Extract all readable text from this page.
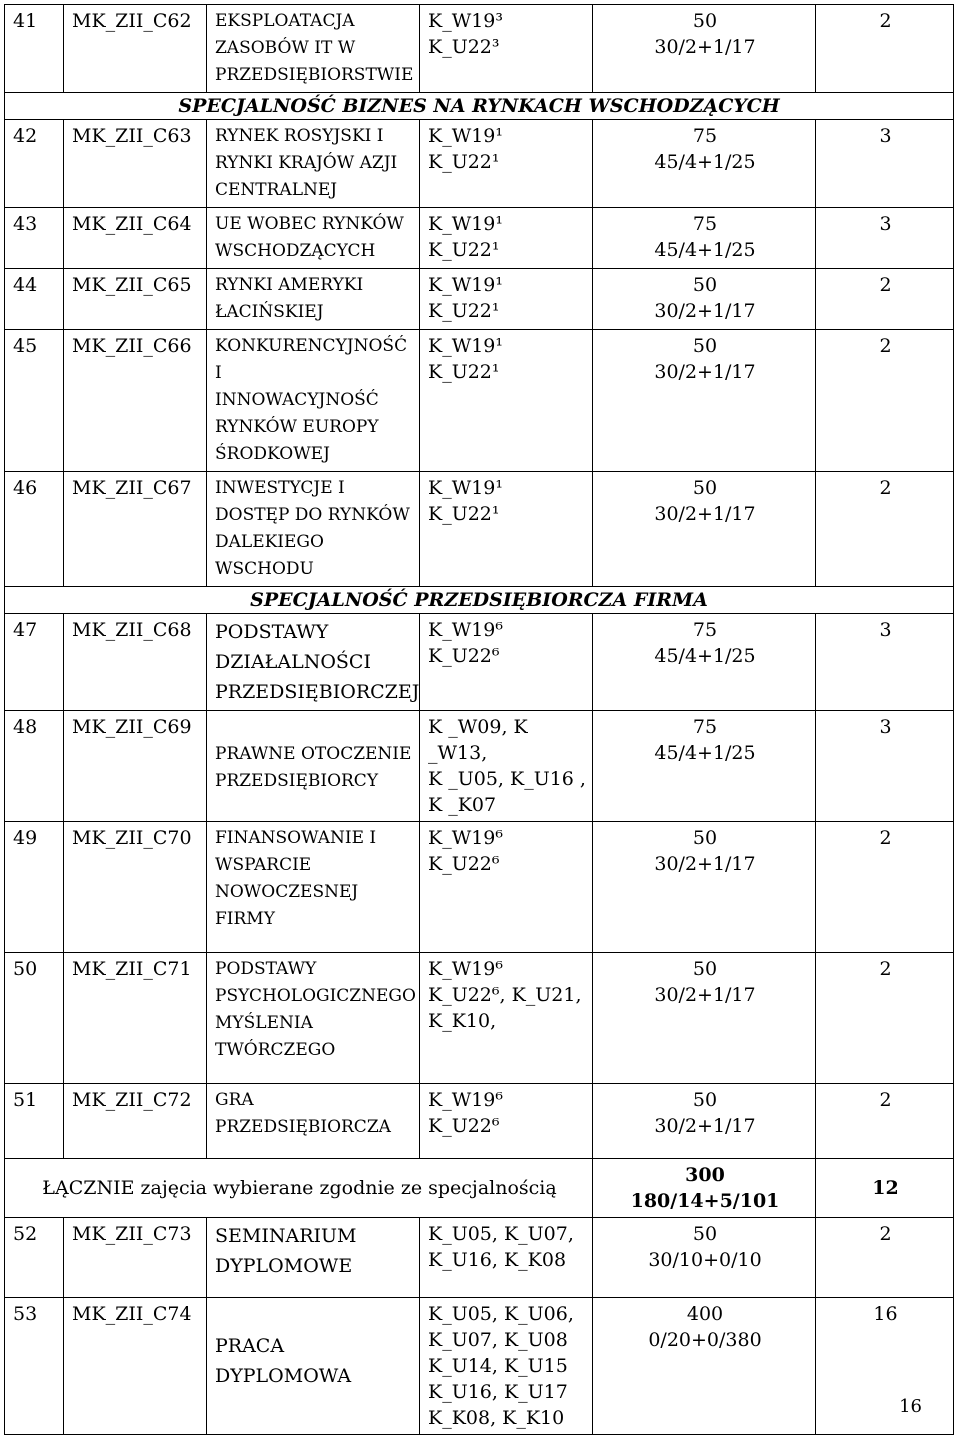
41	MK_ZII_C62	EKSPLOATACJA
ZASOBÓW IT W
PRZEDSIĘBIORSTWIE	K_W19³
K_U22³	50
30/2+1/17	2
SPECJALNOŚĆ BIZNES NA RYNKACH WSCHODZĄCYCH					
42	MK_ZII_C63	RYNEK ROSYJSKI I
RYNKI KRAJÓW AZJI
CENTRALNEJ	K_W19¹
K_U22¹	75
45/4+1/25	3
43	MK_ZII_C64	UE WOBEC RYNKÓW
WSCHODZĄCYCH	K_W19¹
K_U22¹	75
45/4+1/25	3
44	MK_ZII_C65	RYNKI AMERYKI
ŁACIŃSKIEJ	K_W19¹
K_U22¹	50
30/2+1/17	2
45	MK_ZII_C66	KONKURENCYJNOŚĆ I
INNOWACYJNOŚĆ
RYNKÓW EUROPY
ŚRODKOWEJ	K_W19¹
K_U22¹	50
30/2+1/17	2
46	MK_ZII_C67	INWESTYCJE I
DOSTĘP DO RYNKÓW
DALEKIEGO
WSCHODU	K_W19¹
K_U22¹	50
30/2+1/17	2
SPECJALNOŚĆ PRZEDSIĘBIORCZA FIRMA					
47	MK_ZII_C68	PODSTAWY
DZIAŁALNOŚCI
PRZEDSIĘBIORCZEJ	K_W19⁶
K_U22⁶	75
45/4+1/25	3
48	MK_ZII_C69	PRAWNE OTOCZENIE
PRZEDSIĘBIORCY	K _W09, K _W13,
K _U05, K_U16 ,
K _K07	75
45/4+1/25	3
49	MK_ZII_C70	FINANSOWANIE I
WSPARCIE
NOWOCZESNEJ
FIRMY	K_W19⁶
K_U22⁶	50
30/2+1/17	2
50	MK_ZII_C71	PODSTAWY
PSYCHOLOGICZNEGO
MYŚLENIA
TWÓRCZEGO	K_W19⁶
K_U22⁶, K_U21,
K_K10,	50
30/2+1/17	2
51	MK_ZII_C72	GRA
PRZEDSIĘBIORCZA	K_W19⁶
K_U22⁶	50
30/2+1/17	2
ŁĄCZNIE zajęcia wybierane zgodnie ze specjalnością				300
180/14+5/101	12
52	MK_ZII_C73	SEMINARIUM
DYPLOMOWE	K_U05, K_U07,
K_U16, K_K08	50
30/10+0/10	2
53	MK_ZII_C74	PRACA
DYPLOMOWA	K_U05, K_U06,
K_U07, K_U08
K_U14, K_U15
K_U16, K_U17
K_K08, K_K10	400
0/20+0/380	16
16
